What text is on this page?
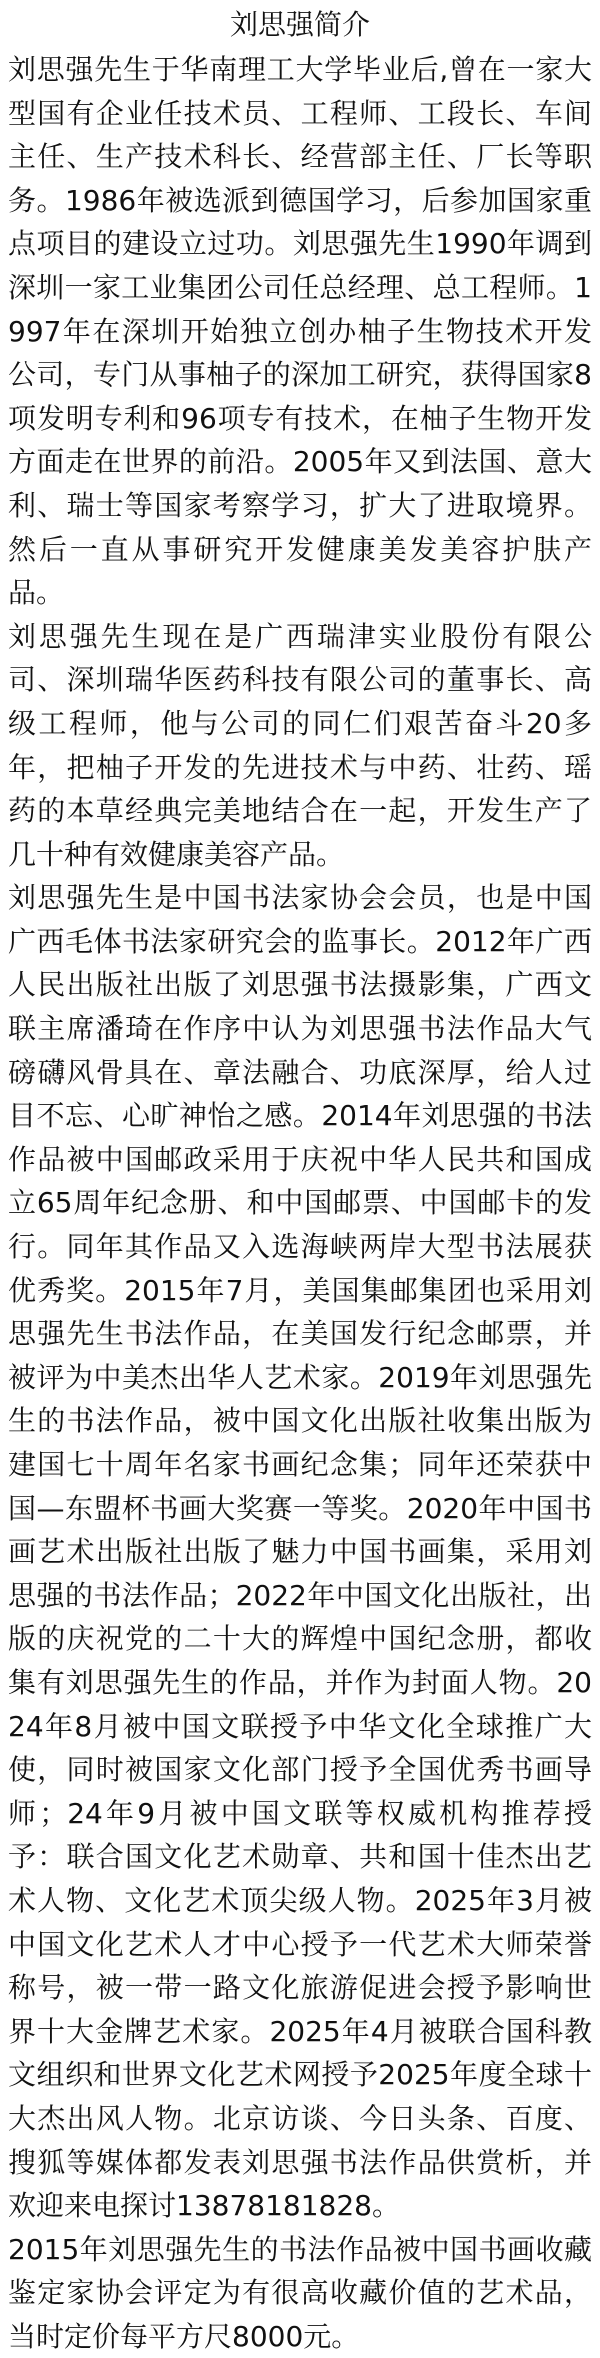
刘思强简介

刘思强先生于华南理工大学毕业后,曾在一家大型国有企业任技术员、工程师、工段长、车间主任、生产技术科长、经营部主任、厂长等职务。1986年被选派到德国学习，后参加国家重点项目的建设立过功。刘思强先生1990年调到深圳一家工业集团公司任总经理、总工程师。1997年在深圳开始独立创办柚子生物技术开发公司，专门从事柚子的深加工研究，获得国家8项发明专利和96项专有技术，在柚子生物开发方面走在世界的前沿。2005年又到法国、意大利、瑞士等国家考察学习，扩大了进取境界。然后一直从事研究开发健康美发美容护肤产品。

刘思强先生现在是广西瑞津实业股份有限公司、深圳瑞华医药科技有限公司的董事长、高级工程师，他与公司的同仁们艰苦奋斗20多年，把柚子开发的先进技术与中药、壮药、瑶药的本草经典完美地结合在一起，开发生产了几十种有效健康美容产品。

刘思强先生是中国书法家协会会员，也是中国广西毛体书法家研究会的监事长。2012年广西人民出版社出版了刘思强书法摄影集，广西文联主席潘琦在作序中认为刘思强书法作品大气磅礴风骨具在、章法融合、功底深厚，给人过目不忘、心旷神怡之感。2014年刘思强的书法作品被中国邮政采用于庆祝中华人民共和国成立65周年纪念册、和中国邮票、中国邮卡的发行。同年其作品又入选海峡两岸大型书法展获优秀奖。2015年7月，美国集邮集团也采用刘思强先生书法作品，在美国发行纪念邮票，并被评为中美杰出华人艺术家。2019年刘思强先生的书法作品，被中国文化出版社收集出版为建国七十周年名家书画纪念集；同年还荣获中国—东盟杯书画大奖赛一等奖。2020年中国书画艺术出版社出版了魅力中国书画集，采用刘思强的书法作品；2022年中国文化出版社，出版的庆祝党的二十大的辉煌中国纪念册，都收集有刘思强先生的作品，并作为封面人物。2024年8月被中国文联授予中华文化全球推广大使，同时被国家文化部门授予全国优秀书画导师；24年9月被中国文联等权威机构推荐授予：联合国文化艺术勋章、共和国十佳杰出艺术人物、文化艺术顶尖级人物。2025年3月被中国文化艺术人才中心授予一代艺术大师荣誉称号，被一带一路文化旅游促进会授予影响世界十大金牌艺术家。2025年4月被联合国科教文组织和世界文化艺术网授予2025年度全球十大杰出风人物。北京访谈、今日头条、百度、搜狐等媒体都发表刘思强书法作品供赏析，并欢迎来电探讨13878181828。

2015年刘思强先生的书法作品被中国书画收藏鉴定家协会评定为有很高收藏价值的艺术品，当时定价每平方尺8000元。
